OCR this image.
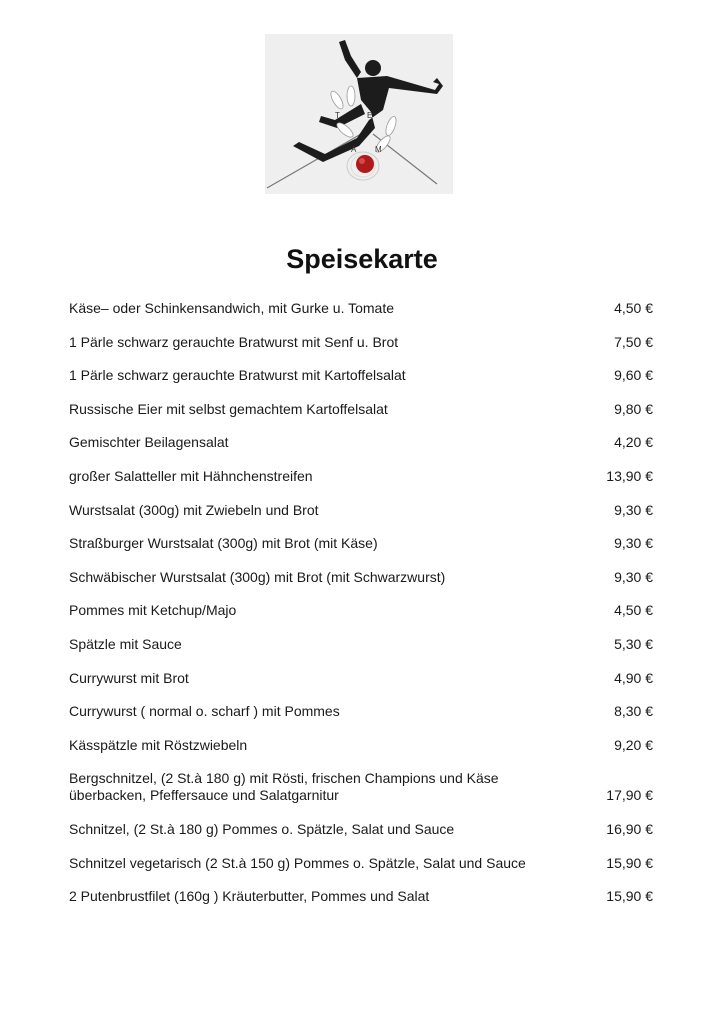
T	E
A M
Speisekarte
Käse– oder Schinkensandwich, mit Gurke u. Tomate	4,50 €
1 Pärle schwarz gerauchte Bratwurst mit Senf u. Brot	7,50 €
1 Pärle schwarz gerauchte Bratwurst mit Kartoffelsalat	9,60 €
Russische Eier mit selbst gemachtem Kartoffelsalat	9,80 €
Gemischter Beilagensalat	4,20 €
großer Salatteller mit Hähnchenstreifen	13,90 €
Wurstsalat (300g) mit Zwiebeln und Brot	9,30 €
Straßburger Wurstsalat (300g) mit Brot (mit Käse)	9,30 €
Schwäbischer Wurstsalat (300g) mit Brot (mit Schwarzwurst)	9,30 €
Pommes mit Ketchup/Majo	4,50 €
Spätzle mit Sauce	5,30 €
Currywurst mit Brot	4,90 €
Currywurst ( normal o. scharf ) mit Pommes	8,30 €
Kässpätzle mit Röstzwiebeln	9,20 €
Bergschnitzel, (2 St.à 180 g) mit Rösti, frischen Champions und Käse
überbacken, Pfeffersauce und Salatgarnitur	17,90 €
Schnitzel, (2 St.à 180 g) Pommes o. Spätzle, Salat und Sauce	16,90 €
Schnitzel vegetarisch (2 St.à 150 g) Pommes o. Spätzle, Salat und Sauce	15,90 €
2 Putenbrustfilet (160g ) Kräuterbutter, Pommes und Salat	15,90 €
